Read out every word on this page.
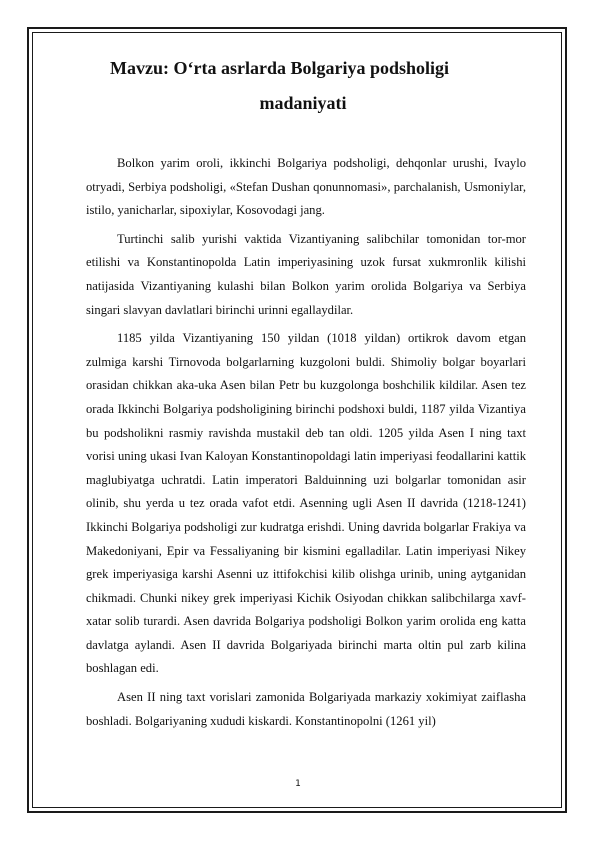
Mavzu: O‘rta asrlarda Bolgariya podsholigi
madaniyati

Bolkon yarim oroli, ikkinchi Bolgariya podsholigi, dehqonlar urushi, Ivaylo otryadi, Serbiya podsholigi, «Stefan Dushan qonunnomasi», parchalanish, Usmoniylar, istilo, yanicharlar, sipoxiylar, Kosovodagi jang.

Turtinchi salib yurishi vaktida Vizantiyaning salibchilar tomonidan tor-mor etilishi va Konstantinopolda Latin imperiyasining uzok fursat xukmronlik kilishi natijasida Vizantiyaning kulashi bilan Bolkon yarim orolida Bolgariya va Serbiya singari slavyan davlatlari birinchi urinni egallaydilar.

1185 yilda Vizantiyaning 150 yildan (1018 yildan) ortikrok davom etgan zulmiga karshi Tirnovoda bolgarlarning kuzgoloni buldi. Shimoliy bolgar boyarlari orasidan chikkan aka-uka Asen bilan Petr bu kuzgolonga boshchilik kildilar. Asen tez orada Ikkinchi Bolgariya podsholigining birinchi podshoxi buldi, 1187 yilda Vizantiya bu podsholikni rasmiy ravishda mustakil deb tan oldi. 1205 yilda Asen I ning taxt vorisi uning ukasi Ivan Kaloyan Konstantinopoldagi latin imperiyasi feodallarini kattik maglubiyatga uchratdi. Latin imperatori Balduinning uzi bolgarlar tomonidan asir olinib, shu yerda u tez orada vafot etdi. Asenning ugli Asen II davrida (1218-1241) Ikkinchi Bolgariya podsholigi zur kudratga erishdi. Uning davrida bolgarlar Frakiya va Makedoniyani, Epir va Fessaliyaning bir kismini egalladilar. Latin imperiyasi Nikey grek imperiyasiga karshi Asenni uz ittifokchisi kilib olishga urinib, uning aytganidan chikmadi. Chunki nikey grek imperiyasi Kichik Osiyodan chikkan salibchilarga xavf-xatar solib turardi. Asen davrida Bolgariya podsholigi Bolkon yarim orolida eng katta davlatga aylandi. Asen II davrida Bolgariyada birinchi marta oltin pul zarb kilina boshlagan edi.

Asen II ning taxt vorislari zamonida Bolgariyada markaziy xokimiyat zaiflasha boshladi. Bolgariyaning xududi kiskardi. Konstantinopolni (1261 yil)

1
